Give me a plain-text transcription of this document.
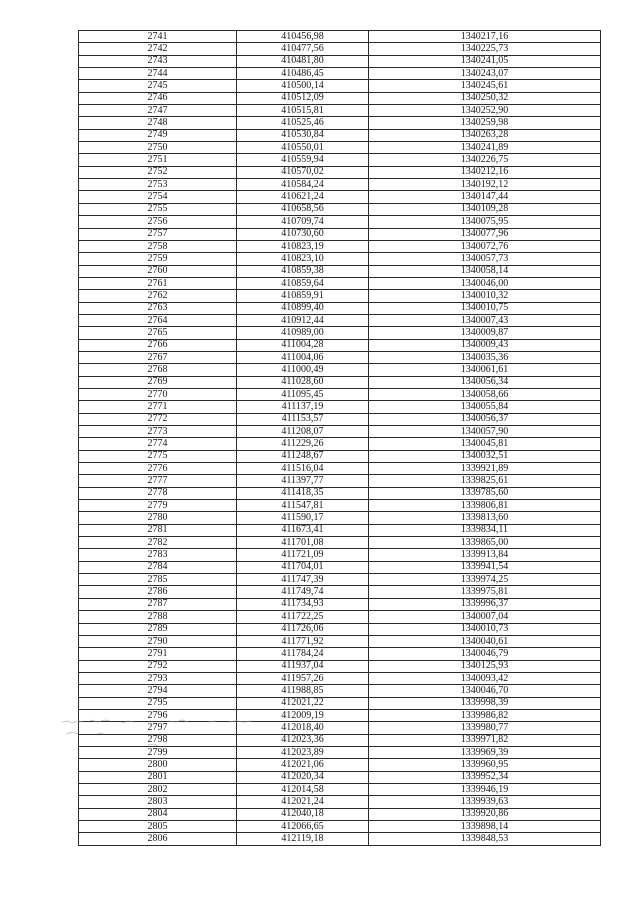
2741	410456,98	1340217,16
2742	410477,56	1340225,73
2743	410481,80	1340241,05
2744	410486,45	1340243,07
2745	410500,14	1340245,61
2746	410512,09	1340250,32
2747	410515,81	1340252,90
2748	410525,46	1340259,98
2749	410530,84	1340263,28
2750	410550,01	1340241,89
2751	410559,94	1340226,75
2752	410570,02	1340212,16
2753	410584,24	1340192,12
2754	410621,24	1340147,44
2755	410658,56	1340109,28
2756	410709,74	1340075,95
2757	410730,60	1340077,96
2758	410823,19	1340072,76
2759	410823,10	1340057,73
2760	410859,38	1340058,14
2761	410859,64	1340046,00
2762	410859,91	1340010,32
2763	410899,40	1340010,75
2764	410912,44	1340007,43
2765	410989,00	1340009,87
2766	411004,28	1340009,43
2767	411004,06	1340035,36
2768	411000,49	1340061,61
2769	411028,60	1340056,34
2770	411095,45	1340058,66
2771	411137,19	1340055,84
2772	411153,57	1340056,37
2773	411208,07	1340057,90
2774	411229,26	1340045,81
2775	411248,67	1340032,51
2776	411516,04	1339921,89
2777	411397,77	1339825,61
2778	411418,35	1339785,60
2779	411547,81	1339806,81
2780	411590,17	1339813,60
2781	411673,41	1339834,11
2782	411701,08	1339865,00
2783	411721,09	1339913,84
2784	411704,01	1339941,54
2785	411747,39	1339974,25
2786	411749,74	1339975,81
2787	411734,93	1339996,37
2788	411722,25	1340007,04
2789	411726,06	1340010,73
2790	411771,92	1340040,61
2791	411784,24	1340046,79
2792	411937,04	1340125,93
2793	411957,26	1340093,42
2794	411988,85	1340046,70
2795	412021,22	1339998,39
2796	412009,19	1339986,82
2797	412018,40	1339980,77
2798	412023,36	1339971,82
2799	412023,89	1339969,39
2800	412021,06	1339960,95
2801	412020,34	1339952,34
2802	412014,58	1339946,19
2803	412021,24	1339939,63
2804	412040,18	1339920,86
2805	412066,65	1339898,14
2806	412119,18	1339848,53
